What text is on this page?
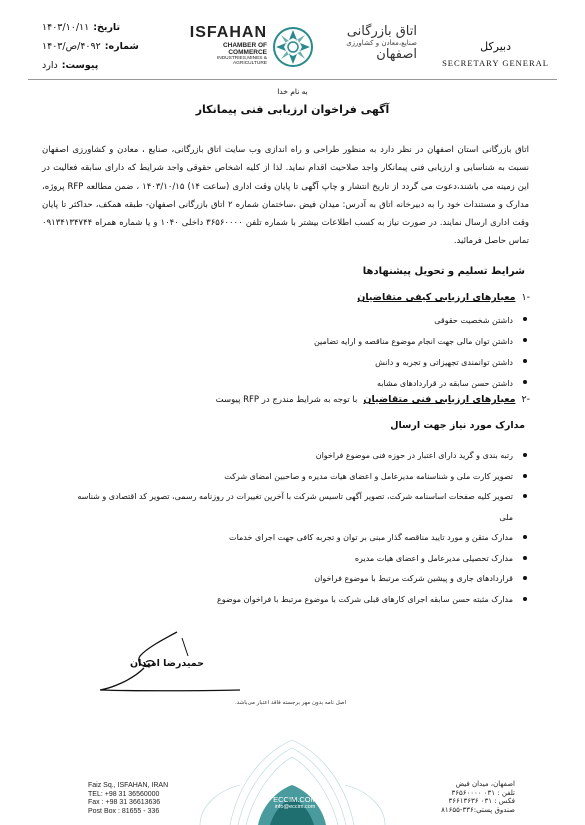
تاریخ:
۱۴۰۳/۱۰/۱۱
شماره:
۴۰۹۲/ص/۱۴۰۳
پیوست:
دارد
ISFAHAN
CHAMBER OF COMMERCE
INDUSTRIES,MINES & AGRICULTURE
اتاق بازرگانی
صنایع،معادن و کشاورزی
اصفهان
دبیرکل
SECRETARY GENERAL
به نام خدا
آگهی فراخوان ارزیابی فنی پیمانکار
اتاق بازرگانی استان اصفهان در نظر دارد به منظور طراحی و راه اندازی وب سایت اتاق بازرگانی، صنایع ، معادن و کشاورزی اصفهان نسبت به شناسایی و ارزیابی فنی پیمانکار واجد صلاحیت اقدام نماید. لذا از کلیه اشخاص حقوقی واجد شرایط که دارای سابقه فعالیت در این زمینه می باشند،دعوت می گردد از تاریخ انتشار و چاپ آگهی تا پایان وقت اداری (ساعت ۱۴) ۱۴۰۳/۱۰/۱۵ ، ضمن مطالعه RFP پروژه، مدارک و مستندات خود را به دبیرخانه اتاق به آدرس: میدان فیض ،ساختمان شماره ۲ اتاق بازرگانی اصفهان- طبقه همکف، حداکثر تا پایان وقت اداری ارسال نمایند. در صورت نیاز به کسب اطلاعات بیشتر با شماره تلفن ۳۶۵۶۰۰۰۰ داخلی ۱۰۴۰ و یا شماره همراه ۰۹۱۳۴۱۳۴۷۴۴ تماس حاصل فرمائید.
شرایط تسلیم و تحویل پیشنهادها
-۱
معیارهای ارزیابی کیفی متقاضیان
داشتن شخصیت حقوقی
داشتن توان مالی جهت انجام موضوع مناقصه و ارایه تضامین
داشتن توانمندی تجهیزاتی و تجربه و دانش
داشتن حسن سابقه در قراردادهای مشابه
-۲
معیارهای ارزیابی فنی متقاضیان
با توجه به شرایط مندرج در RFP پیوست
مدارک مورد نیاز جهت ارسال
رتبه بندی و گرید دارای اعتبار در حوزه فنی موضوع فراخوان
تصویر کارت ملی و شناسنامه مدیرعامل و اعضای هیات مدیره و صاحبین امضای شرکت
تصویر کلیه صفحات اساسنامه شرکت، تصویر آگهی تاسیس شرکت با آخرین تغییرات در روزنامه رسمی، تصویر کد اقتصادی و شناسه ملی
مدارک متقن و مورد تایید مناقصه گذار مبنی بر توان و تجربه کافی جهت اجرای خدمات
مدارک تحصیلی مدیرعامل و اعضای هیات مدیره
قراردادهای جاری و پیشین شرکت مرتبط با موضوع فراخوان
مدارک مثبته حسن سابقه اجرای کارهای قبلی شرکت با موضوع مرتبط با فراخوان موضوع
حمیدرضا امیدان
اصل نامه بدون مهر برجسته فاقد اعتبار می‌باشد.
Faiz Sq., ISFAHAN, IRAN
TEL: +98 31 36560000
Fax : +98 31 36613636
Post Box : 81655 - 336
ECCIM.COM
info@eccim.com
اصفهان، میدان فیض
تلفن : ۰۳۱ ۳۶۵۶۰۰۰۰
فکس : ۰۳۱ ۳۶۶۱۳۶۳۶
صندوق پستی:۳۳۶-۸۱۶۵۵
